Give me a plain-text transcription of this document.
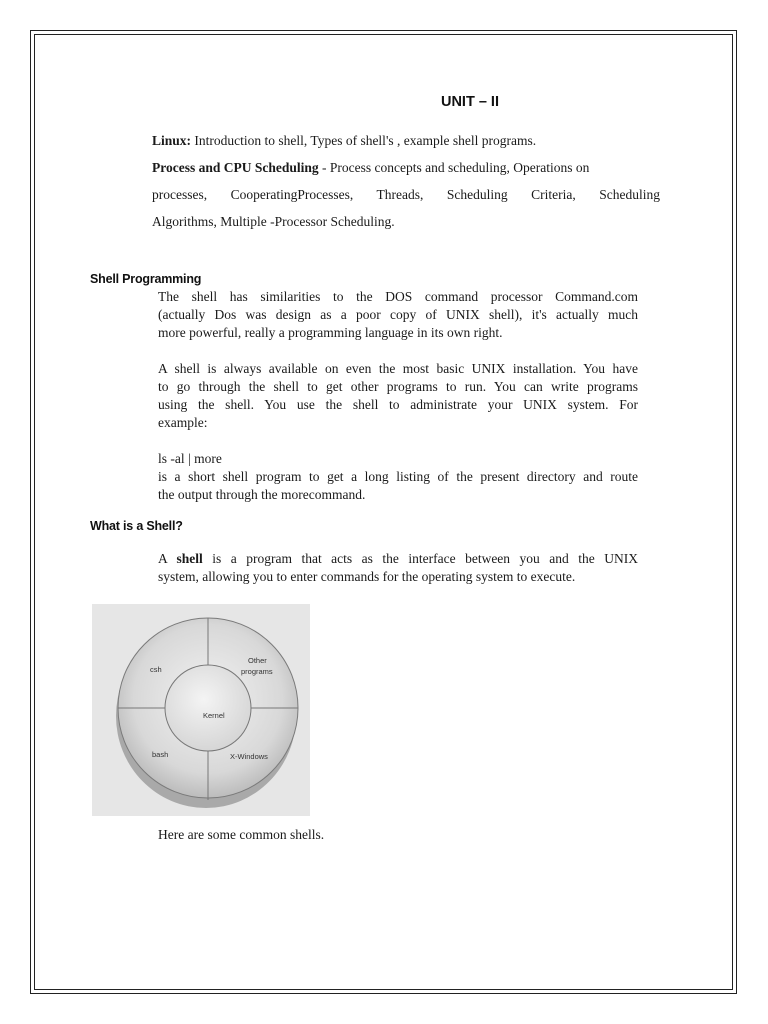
UNIT – II
Linux: Introduction to shell, Types of shell's , example shell programs.
Process and CPU Scheduling - Process concepts and scheduling, Operations on
processes, CooperatingProcesses, Threads, Scheduling Criteria, Scheduling
Algorithms, Multiple -Processor Scheduling.
Shell Programming
The shell has similarities to the DOS command processor Command.com
(actually Dos was design as a poor copy of UNIX shell), it's actually much
more powerful, really a programming language in its own right.
A shell is always available on even the most basic UNIX installation. You have
to go through the shell to get other programs to run. You can write programs
using the shell. You use the shell to administrate your UNIX system. For
example:
ls -al | more
is a short shell program to get a long listing of the present directory and route
the output through the morecommand.
What is a Shell?
A shell is a program that acts as the interface between you and the UNIX
system, allowing you to enter commands for the operating system to execute.
Kernel
csh
Other
programs
bash	X-Windows
Here are some common shells.
